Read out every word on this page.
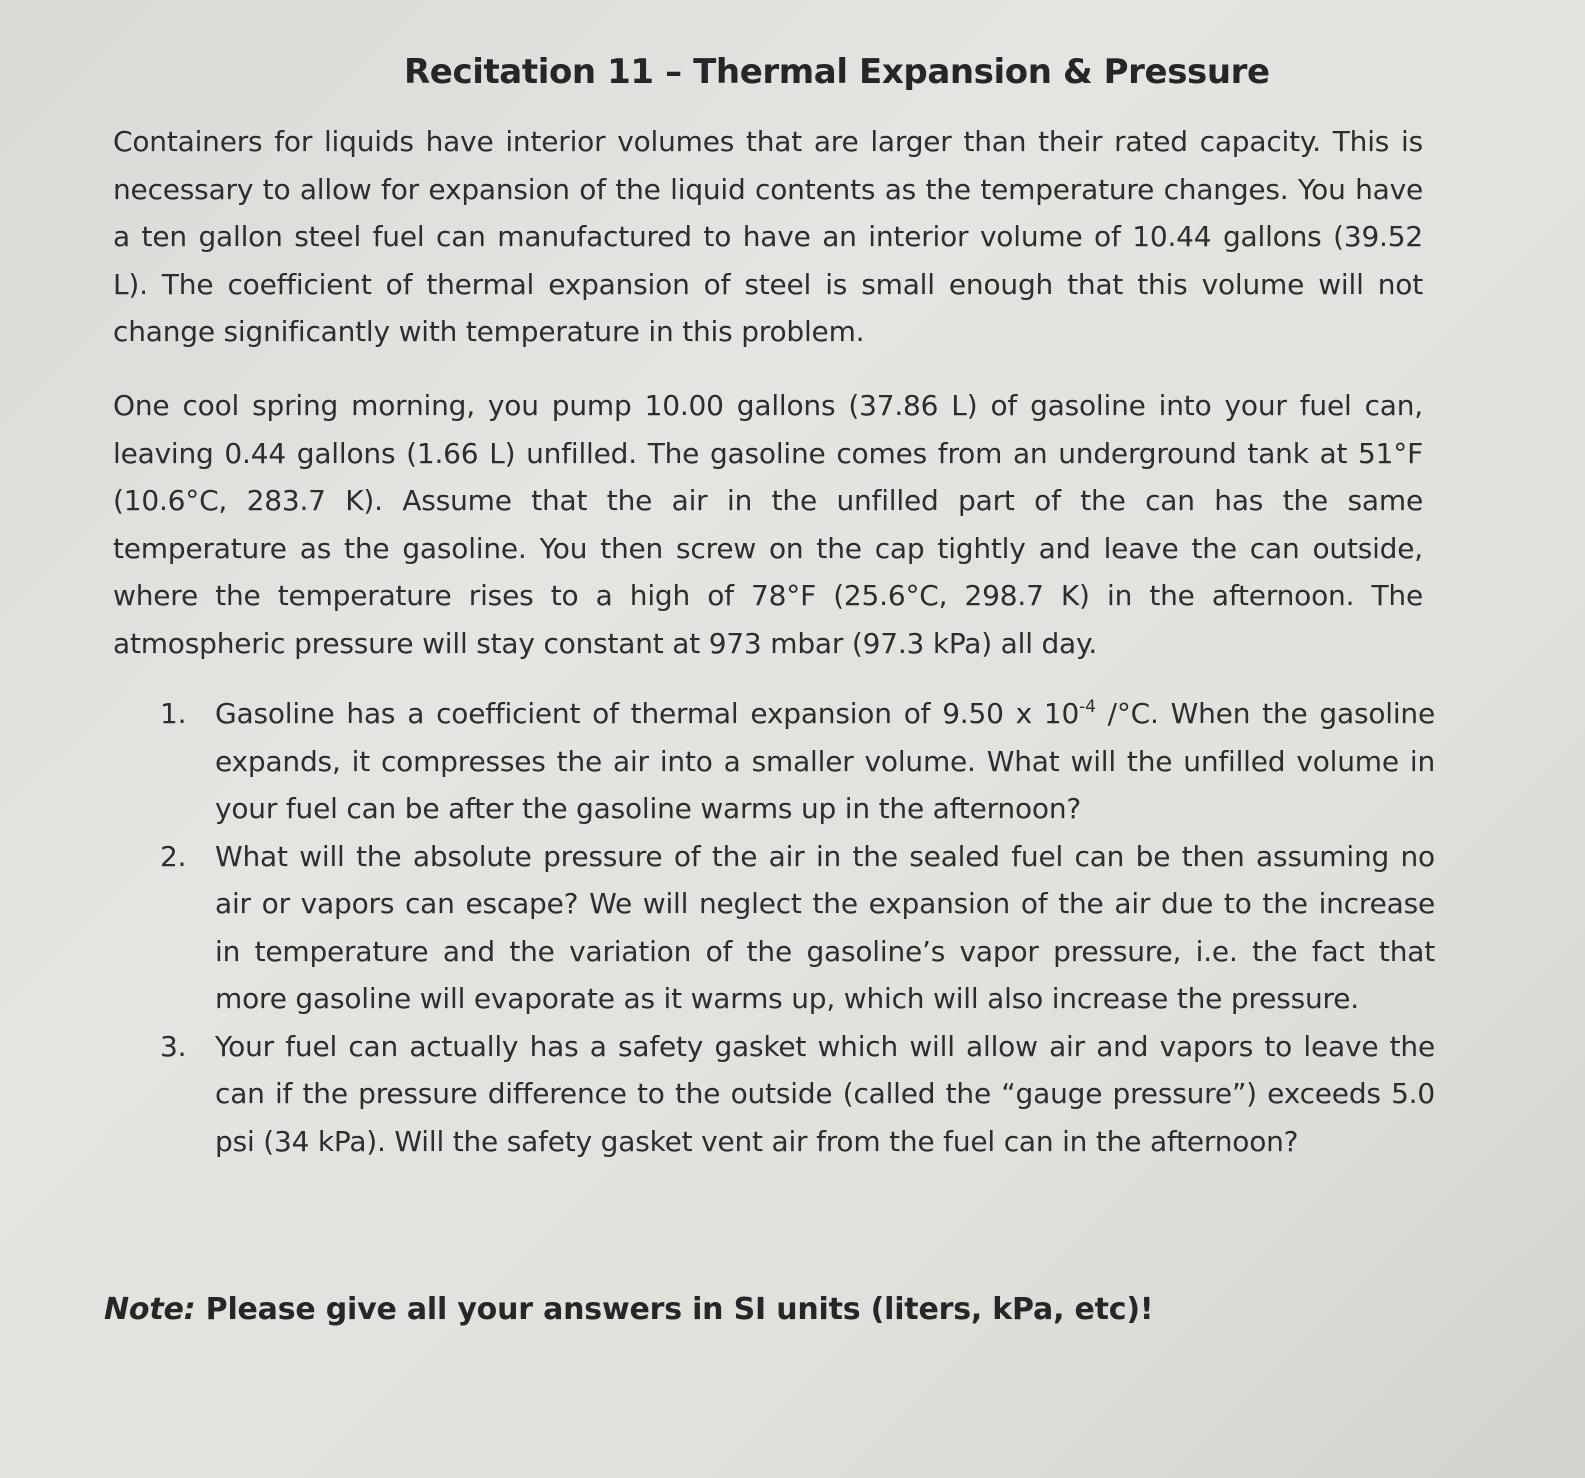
Recitation 11 – Thermal Expansion & Pressure
Containers for liquids have interior volumes that are larger than their rated capacity. This is necessary to allow for expansion of the liquid contents as the temperature changes. You have a ten gallon steel fuel can manufactured to have an interior volume of 10.44 gallons (39.52 L). The coefficient of thermal expansion of steel is small enough that this volume will not change significantly with temperature in this problem.
One cool spring morning, you pump 10.00 gallons (37.86 L) of gasoline into your fuel can, leaving 0.44 gallons (1.66 L) unfilled. The gasoline comes from an underground tank at 51°F (10.6°C, 283.7 K). Assume that the air in the unfilled part of the can has the same temperature as the gasoline. You then screw on the cap tightly and leave the can outside, where the temperature rises to a high of 78°F (25.6°C, 298.7 K) in the afternoon. The atmospheric pressure will stay constant at 973 mbar (97.3 kPa) all day.
1. Gasoline has a coefficient of thermal expansion of 9.50 x $10^{-4}$ /°C. When the gasoline expands, it compresses the air into a smaller volume. What will the unfilled volume in your fuel can be after the gasoline warms up in the afternoon?
2. What will the absolute pressure of the air in the sealed fuel can be then assuming no air or vapors can escape? We will neglect the expansion of the air due to the increase in temperature and the variation of the gasoline’s vapor pressure, i.e. the fact that more gasoline will evaporate as it warms up, which will also increase the pressure.
3. Your fuel can actually has a safety gasket which will allow air and vapors to leave the can if the pressure difference to the outside (called the “gauge pressure”) exceeds 5.0 psi (34 kPa). Will the safety gasket vent air from the fuel can in the afternoon?
Note: Please give all your answers in SI units (liters, kPa, etc)!
